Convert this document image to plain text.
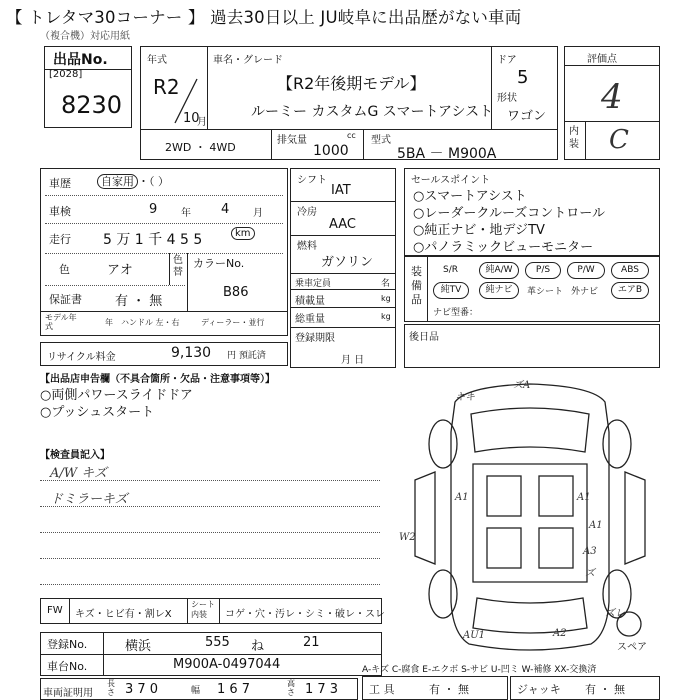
【 トレタマ30コーナー 】 過去30日以上 JU岐阜に出品歴がない車両
（複合機）対応用紙
出品No.
[2028]
8230
年式
R2
10
月
車名・グレード
【R2年後期モデル】
ルーミー カスタムG スマートアシスト
ドア
5
形状
ワゴン
2WD ・ 4WD
排気量	cc
1000
型式
5BA － M900A
評価点
4
内装 C
車歴	自家用 ・（ ）
車検	9 年 4 月
走行 5 万 1 千 4 5 5	km
色	アオ
色替
カラーNo.
保証書	有 ・ 無
B86
モデル年式	年 ハンドル 左・右	ディーラー・並行
リサイクル料金	9,130 円 預託済
シフト
IAT
冷房
AAC
燃料
ガソリン
乗車定員	名
積載量	kg
総重量	kg
登録期限
月 日
セールスポイント
○スマートアシスト
○レーダークルーズコントロール
○純正ナビ・地デジTV
○パノラミックビューモニター
装備品
S/R	純A/W	P/S	P/W	ABS
純TV	純ナビ	革シート 外ナビ	エアB
ナビ型番：
後日品
【出品店申告欄（不具合箇所・欠品・注意事項等）】
○両側パワースライドドア
○プッシュスタート
【検査員記入】
A/W キズ
ドミラーキズ
FW キズ・ヒビ有・割レX
シート内装	コゲ・穴・汚レ・シミ・破レ・スレ
登録No.	横浜	555 ね	21
車台No.	M900A-0497044
車両証明用
長さ 3 7 0	幅 1 6 7	高さ 1 7 3
A-キズ C-腐食 E-エクボ S-サビ U-凹ミ W-補修 XX-交換済
工 具	有 ・ 無	ジャッキ 有 ・ 無
キキ
ズA
A1	A1
A1
A3
ズ
W2
AU1	A2
ズレ
スペア
